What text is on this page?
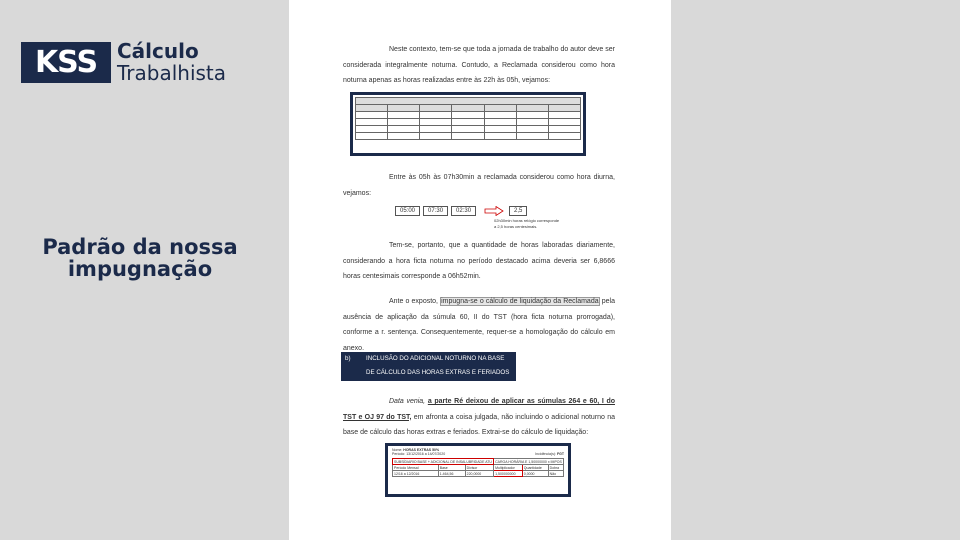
KSS Cálculo
Trabalhista
Padrão da nossa
impugnação

Neste contexto, tem-se que toda a jornada de trabalho do autor deve ser considerada integralmente noturna. Contudo, a Reclamada considerou como hora noturna apenas as horas realizadas entre às 22h às 05h, vejamos:

Entre às 05h às 07h30min a reclamada considerou como hora diurna, vejamos:

05:00	07:30	02:30	2,5
02h30min horas relógio corresponde
a 2,5 horas centesimais.

Tem-se, portanto, que a quantidade de horas laboradas diariamente, considerando a hora ficta noturna no período destacado acima deveria ser 6,8666 horas centesimais corresponde a 06h52min.

Ante o exposto, impugna-se o cálculo de liquidação da Reclamada pela ausência de aplicação da súmula 60, II do TST (hora ficta noturna prorrogada), conforme a r. sentença. Consequentemente, requer-se a homologação do cálculo em anexo.

b) INCLUSÃO DO ADICIONAL NOTURNO NA BASE
DE CÁLCULO DAS HORAS EXTRAS E FERIADOS

Data venia, a parte Ré deixou de aplicar as súmulas 264 e 60, I do TST e OJ 97 do TST, em afronta a coisa julgada, não incluindo o adicional noturno na base de cálculo das horas extras e feriados. Extrai-se do cálculo de liquidação:

Nome: HORAS EXTRAS 50%
Período: 13/12/2016 a 14/07/2020	Incidência(s): FGT
SUBSÍDIARIO BASE + ADICIONAL DE INSALUBRIDADE ATU			CARGA HORÁRIA E 1,50000000 x IMPOS		
Período Mensal	Base	Divisor	Multiplicador	Quantidade	Dobra
12/16 a 12/2016	1.464,56	220,0000	1,500000000	0,0000	Não
